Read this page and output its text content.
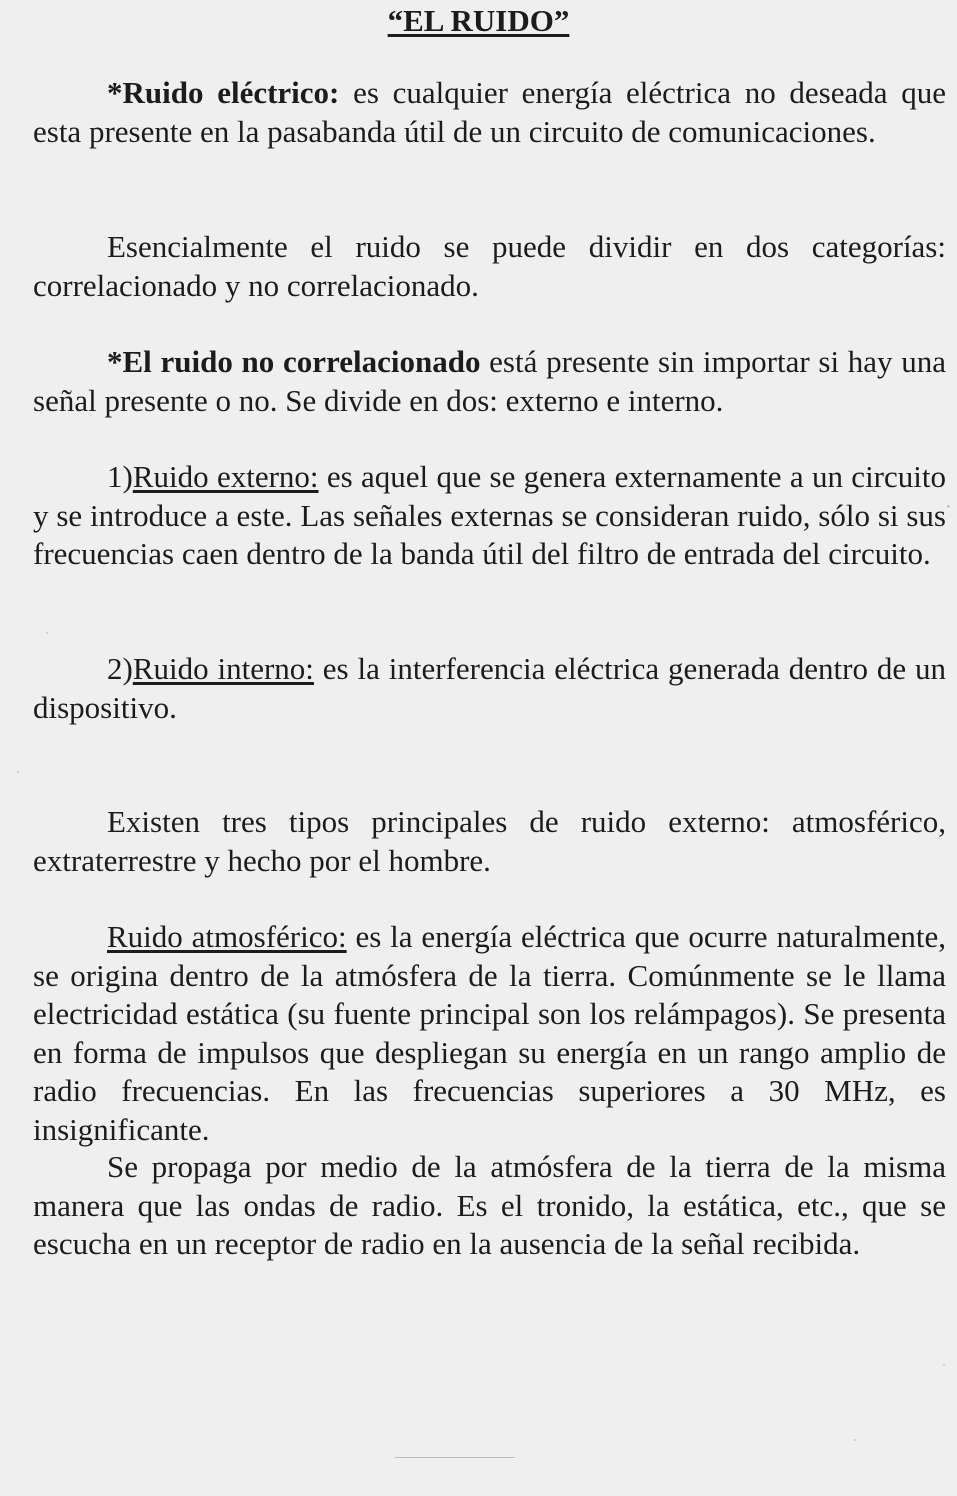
“EL RUIDO”

*Ruido eléctrico: es cualquier energía eléctrica no deseada que esta presente en la pasabanda útil de un circuito de comunicaciones.

Esencialmente el ruido se puede dividir en dos categorías: correlacionado y no correlacionado.

*El ruido no correlacionado está presente sin importar si hay una señal presente o no. Se divide en dos: externo e interno.

1)Ruido externo: es aquel que se genera externamente a un circuito y se introduce a este. Las señales externas se consideran ruido, sólo si sus frecuencias caen dentro de la banda útil del filtro de entrada del circuito.

2)Ruido interno: es la interferencia eléctrica generada dentro de un dispositivo.

Existen tres tipos principales de ruido externo: atmosférico, extraterrestre y hecho por el hombre.

Ruido atmosférico: es la energía eléctrica que ocurre naturalmente, se origina dentro de la atmósfera de la tierra. Comúnmente se le llama electricidad estática (su fuente principal son los relámpagos). Se presenta en forma de impulsos que despliegan su energía en un rango amplio de radio frecuencias. En las frecuencias superiores a 30 MHz, es insignificante.

Se propaga por medio de la atmósfera de la tierra de la misma manera que las ondas de radio. Es el tronido, la estática, etc., que se escucha en un receptor de radio en la ausencia de la señal recibida.
